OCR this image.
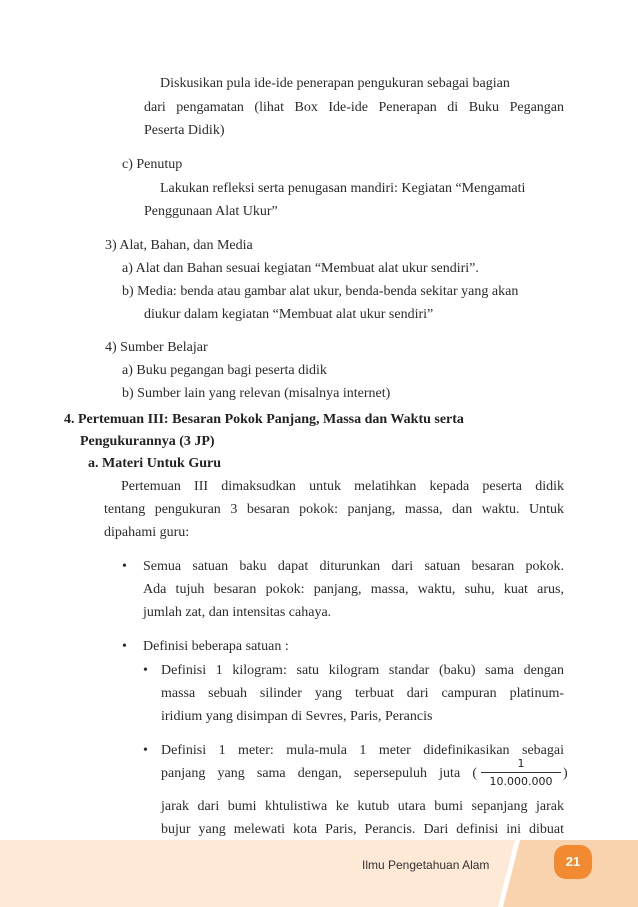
Diskusikan pula ide-ide penerapan pengukuran sebagai bagian
dari pengamatan (lihat Box Ide-ide Penerapan di Buku Pegangan
Peserta Didik)
c) Penutup
Lakukan refleksi serta penugasan mandiri: Kegiatan “Mengamati
Penggunaan Alat Ukur”
3) Alat, Bahan, dan Media
a) Alat dan Bahan sesuai kegiatan “Membuat alat ukur sendiri”.
b) Media: benda atau gambar alat ukur, benda-benda sekitar yang akan
diukur dalam kegiatan “Membuat alat ukur sendiri”
4) Sumber Belajar
a) Buku pegangan bagi peserta didik
b) Sumber lain yang relevan (misalnya internet)
4. Pertemuan III: Besaran Pokok Panjang, Massa dan Waktu serta
Pengukurannya (3 JP)
a. Materi Untuk Guru
Pertemuan III dimaksudkan untuk melatihkan kepada peserta didik
tentang pengukuran 3 besaran pokok: panjang, massa, dan waktu. Untuk
dipahami guru:
• Semua satuan baku dapat diturunkan dari satuan besaran pokok.
Ada tujuh besaran pokok: panjang, massa, waktu, suhu, kuat arus,
jumlah zat, dan intensitas cahaya.
• Definisi beberapa satuan :
• Definisi 1 kilogram: satu kilogram standar (baku) sama dengan
massa sebuah silinder yang terbuat dari campuran platinum-
iridium yang disimpan di Sevres, Paris, Perancis
• Definisi 1 meter: mula-mula 1 meter didefinikasikan sebagai
panjang yang sama dengan, sepersepuluh juta (
1
10.000.000
)
jarak dari bumi khtulistiwa ke kutub utara bumi sepanjang jarak
bujur yang melewati kota Paris, Perancis. Dari definisi ini dibuat
Ilmu Pengetahuan Alam	21
